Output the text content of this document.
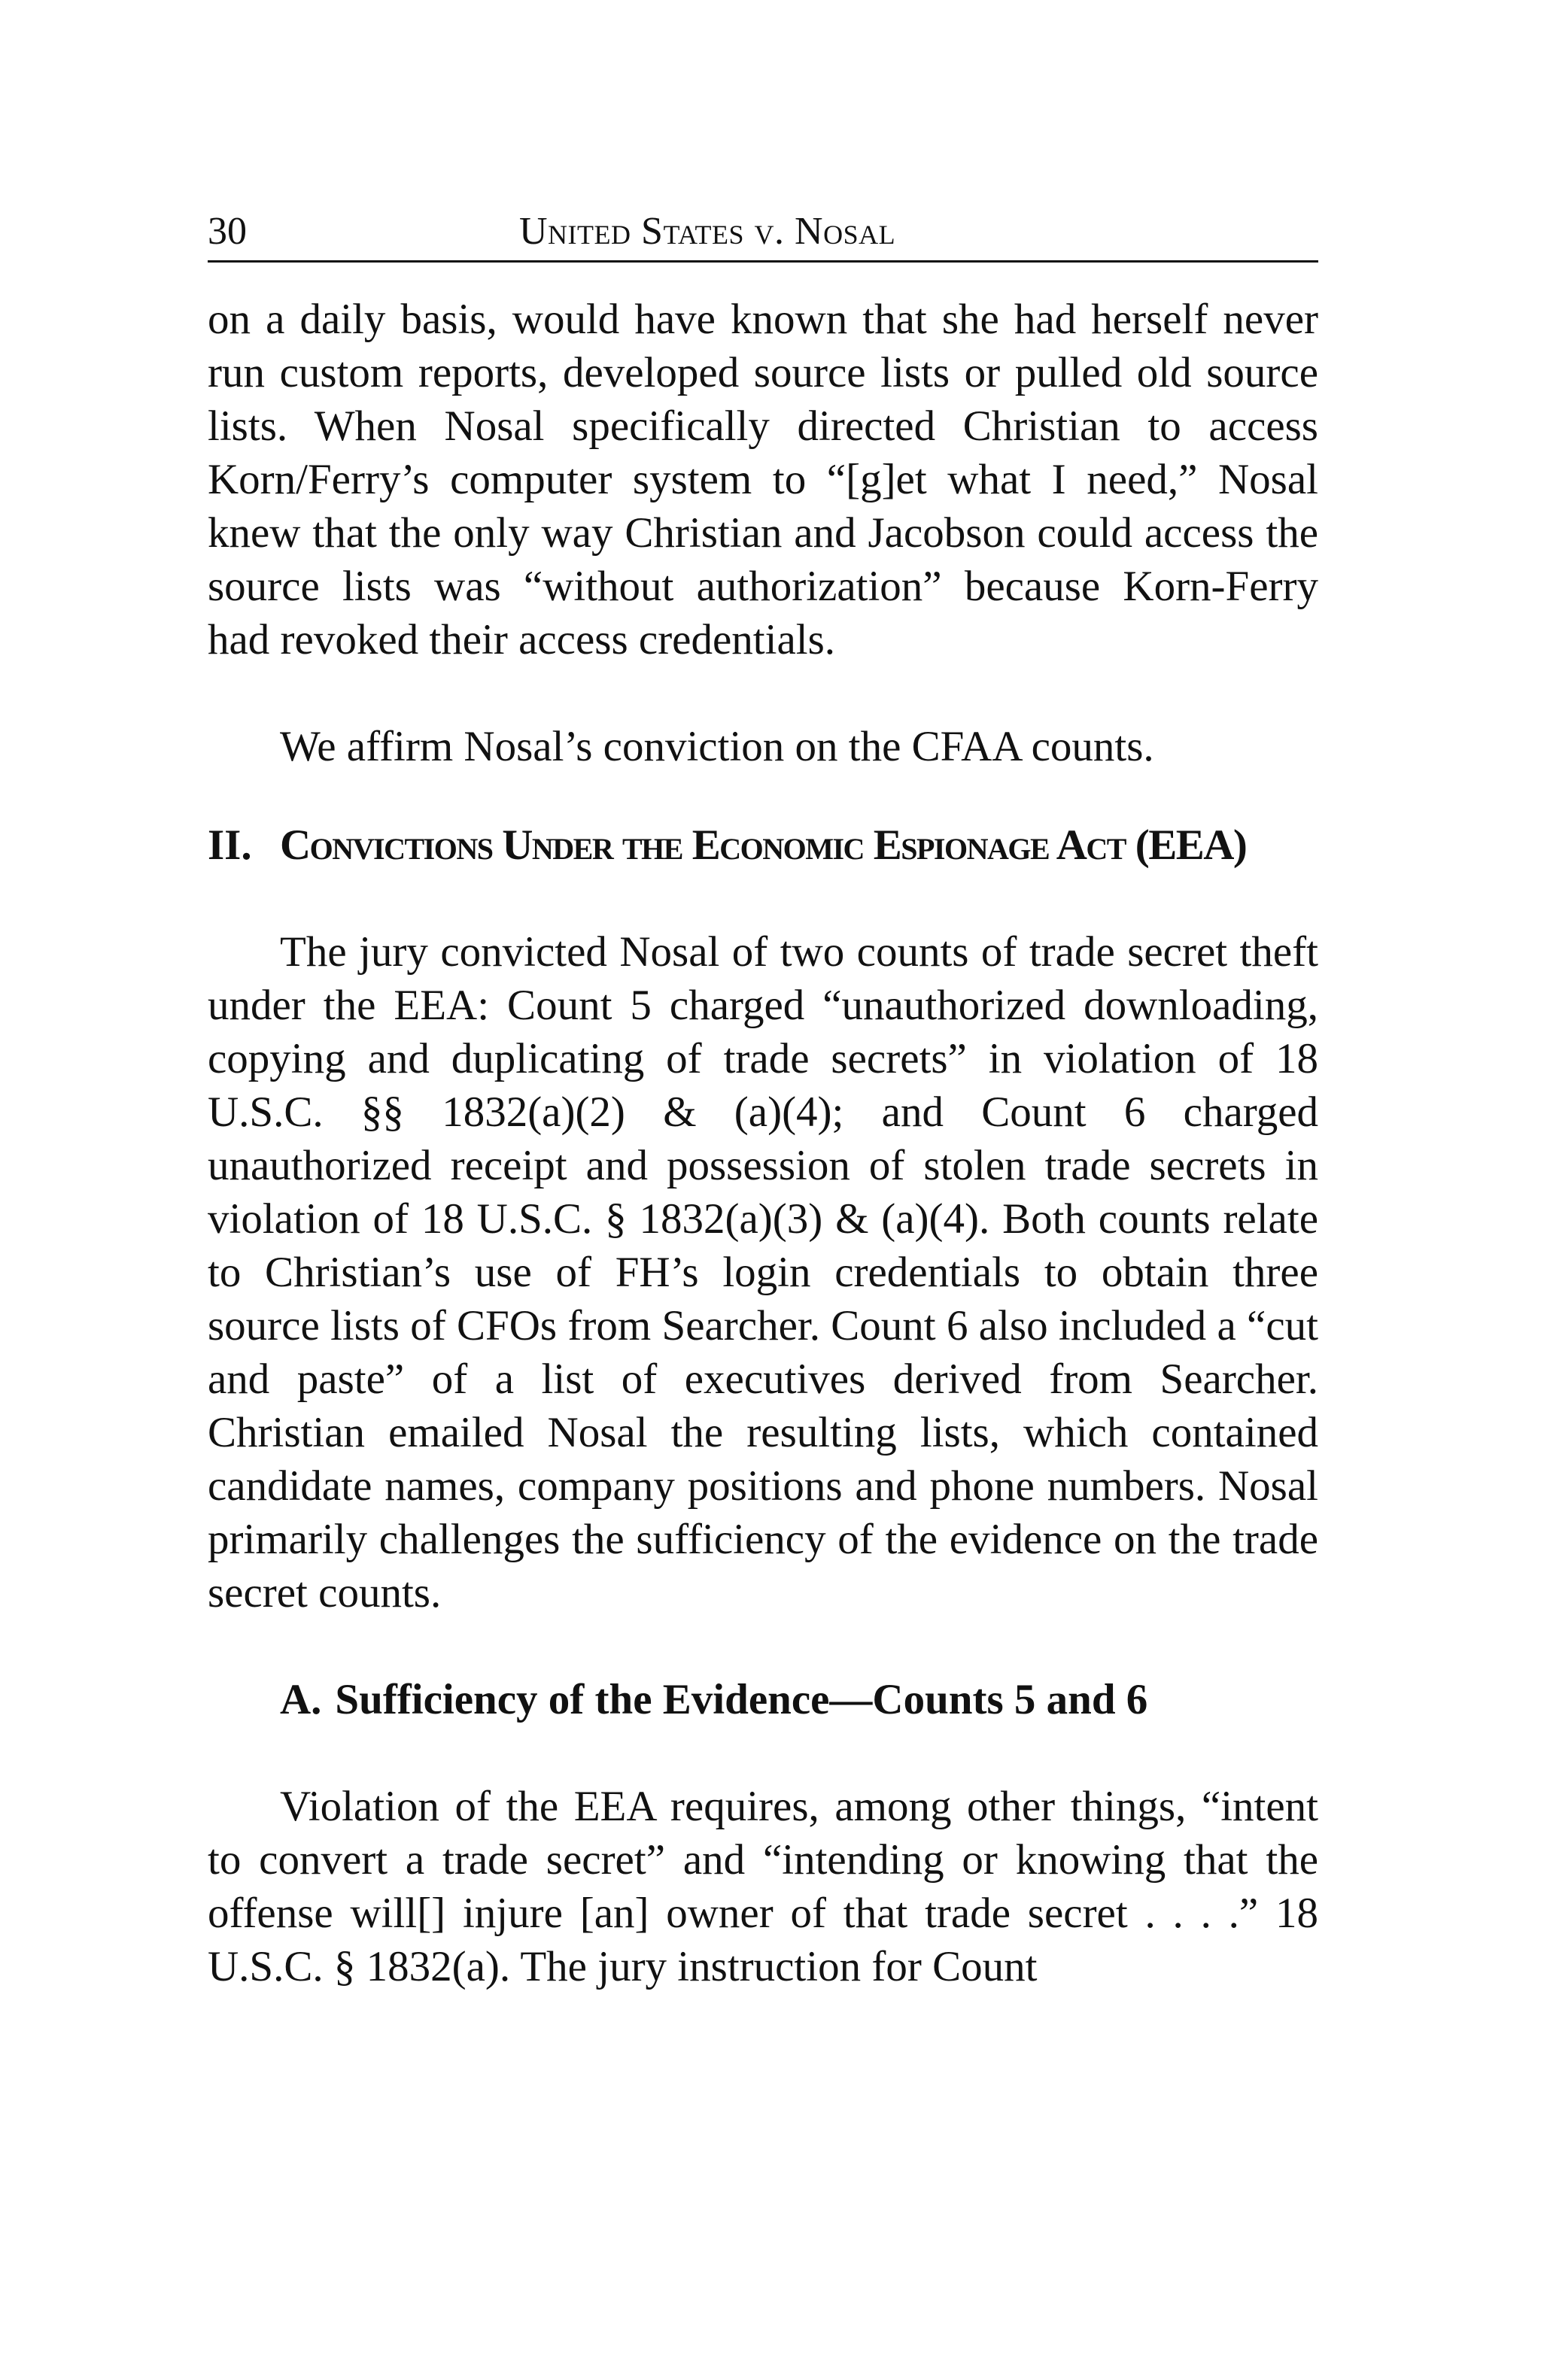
30	United States v. Nosal

on a daily basis, would have known that she had herself never run custom reports, developed source lists or pulled old source lists. When Nosal specifically directed Christian to access Korn/Ferry’s computer system to “[g]et what I need,” Nosal knew that the only way Christian and Jacobson could access the source lists was “without authorization” because Korn-Ferry had revoked their access credentials.

We affirm Nosal’s conviction on the CFAA counts.

II. Convictions Under the Economic Espionage Act (EEA)

The jury convicted Nosal of two counts of trade secret theft under the EEA: Count 5 charged “unauthorized downloading, copying and duplicating of trade secrets” in violation of 18 U.S.C. §§ 1832(a)(2) & (a)(4); and Count 6 charged unauthorized receipt and possession of stolen trade secrets in violation of 18 U.S.C. § 1832(a)(3) & (a)(4). Both counts relate to Christian’s use of FH’s login credentials to obtain three source lists of CFOs from Searcher. Count 6 also included a “cut and paste” of a list of executives derived from Searcher. Christian emailed Nosal the resulting lists, which contained candidate names, company positions and phone numbers. Nosal primarily challenges the sufficiency of the evidence on the trade secret counts.

A. Sufficiency of the Evidence—Counts 5 and 6

Violation of the EEA requires, among other things, “intent to convert a trade secret” and “intending or knowing that the offense will[] injure [an] owner of that trade secret . . . .” 18 U.S.C. § 1832(a). The jury instruction for Count
